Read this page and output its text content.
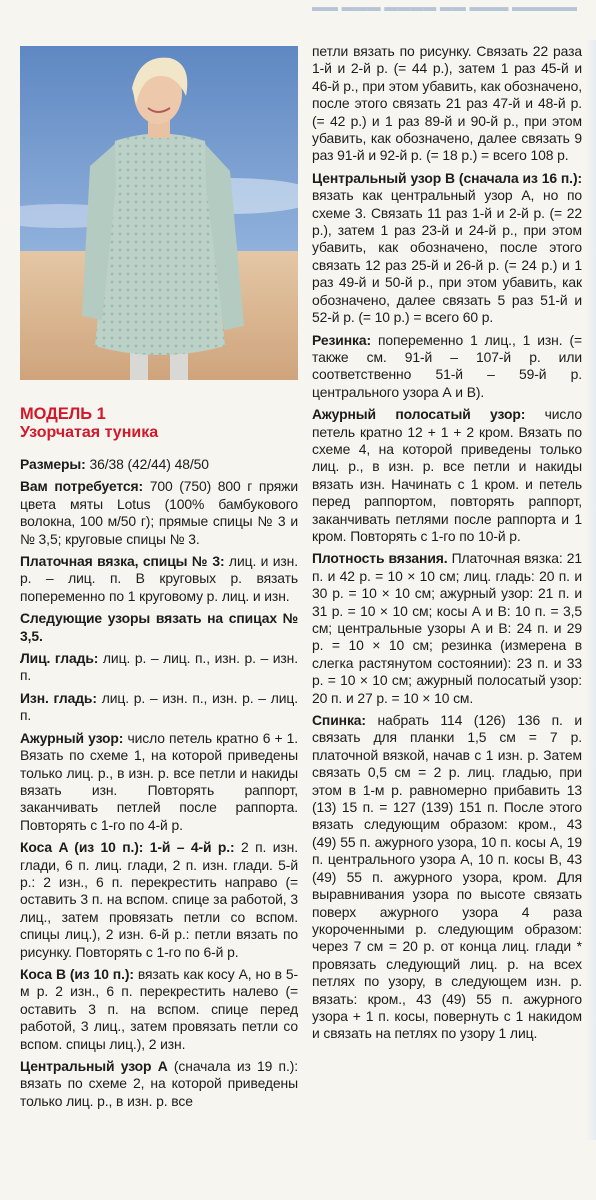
▬▬ ▬▬▬ ▬▬▬▬ ▬▬ ▬▬▬ ▬▬▬▬▬
МОДЕЛЬ 1
Узорчатая туника

Размеры: 36/38 (42/44) 48/50

Вам потребуется: 700 (750) 800 г пряжи цвета мяты Lotus (100% бамбукового волокна, 100 м/50 г); прямые спицы № 3 и № 3,5; круговые спицы № 3.

Платочная вязка, спицы № 3: лиц. и изн. р. – лиц. п. В круговых р. вязать попеременно по 1 круговому р. лиц. и изн.

Следующие узоры вязать на спицах № 3,5.

Лиц. гладь: лиц. р. – лиц. п., изн. р. – изн. п.

Изн. гладь: лиц. р. – изн. п., изн. р. – лиц. п.

Ажурный узор: число петель кратно 6 + 1. Вязать по схеме 1, на которой приведены только лиц. р., в изн. р. все петли и накиды вязать изн. Повторять раппорт, заканчивать петлей после раппорта. Повторять с 1-го по 4-й р.

Коса A (из 10 п.): 1-й – 4-й р.: 2 п. изн. глади, 6 п. лиц. глади, 2 п. изн. глади. 5-й р.: 2 изн., 6 п. перекрестить направо (= оставить 3 п. на вспом. спице за работой, 3 лиц., затем провязать петли со вспом. спицы лиц.), 2 изн. 6-й р.: петли вязать по рисунку. Повторять с 1-го по 6-й р.

Коса B (из 10 п.): вязать как косу А, но в 5-м р. 2 изн., 6 п. перекрестить налево (= оставить 3 п. на вспом. спице перед работой, 3 лиц., затем провязать петли со вспом. спицы лиц.), 2 изн.

Центральный узор А (сначала из 19 п.): вязать по схеме 2, на которой приведены только лиц. р., в изн. р. все

петли вязать по рисунку. Связать 22 раза 1-й и 2-й р. (= 44 р.), затем 1 раз 45-й и 46-й р., при этом убавить, как обозначено, после этого связать 21 раз 47-й и 48-й р. (= 42 р.) и 1 раз 89-й и 90-й р., при этом убавить, как обозначено, далее связать 9 раз 91-й и 92-й р. (= 18 р.) = всего 108 р.

Центральный узор В (сначала из 16 п.): вязать как центральный узор А, но по схеме 3. Связать 11 раз 1-й и 2-й р. (= 22 р.), затем 1 раз 23-й и 24-й р., при этом убавить, как обозначено, после этого связать 12 раз 25-й и 26-й р. (= 24 р.) и 1 раз 49-й и 50-й р., при этом убавить, как обозначено, далее связать 5 раз 51-й и 52-й р. (= 10 р.) = всего 60 р.

Резинка: попеременно 1 лиц., 1 изн. (= также см. 91-й – 107-й р. или соответственно 51-й – 59-й р. центрального узора А и В).

Ажурный полосатый узор: число петель кратно 12 + 1 + 2 кром. Вязать по схеме 4, на которой приведены только лиц. р., в изн. р. все петли и накиды вязать изн. Начинать с 1 кром. и петель перед раппортом, повторять раппорт, заканчивать петлями после раппорта и 1 кром. Повторять с 1-го по 10-й р.

Плотность вязания. Платочная вязка: 21 п. и 42 р. = 10 × 10 см; лиц. гладь: 20 п. и 30 р. = 10 × 10 см; ажурный узор: 21 п. и 31 р. = 10 × 10 см; косы А и В: 10 п. = 3,5 см; центральные узоры А и В: 24 п. и 29 р. = 10 × 10 см; резинка (измерена в слегка растянутом состоянии): 23 п. и 33 р. = 10 × 10 см; ажурный полосатый узор: 20 п. и 27 р. = 10 × 10 см.

Спинка: набрать 114 (126) 136 п. и связать для планки 1,5 см = 7 р. платочной вязкой, начав с 1 изн. р. Затем связать 0,5 см = 2 р. лиц. гладью, при этом в 1-м р. равномерно прибавить 13 (13) 15 п. = 127 (139) 151 п. После этого вязать следующим образом: кром., 43 (49) 55 п. ажурного узора, 10 п. косы А, 19 п. центрального узора А, 10 п. косы B, 43 (49) 55 п. ажурного узора, кром. Для выравнивания узора по высоте связать поверх ажурного узора 4 раза укороченными р. следующим образом: через 7 см = 20 р. от конца лиц. глади * провязать следующий лиц. р. на всех петлях по узору, в следующем изн. р. вязать: кром., 43 (49) 55 п. ажурного узора + 1 п. косы, повернуть с 1 накидом и связать на петлях по узору 1 лиц.
